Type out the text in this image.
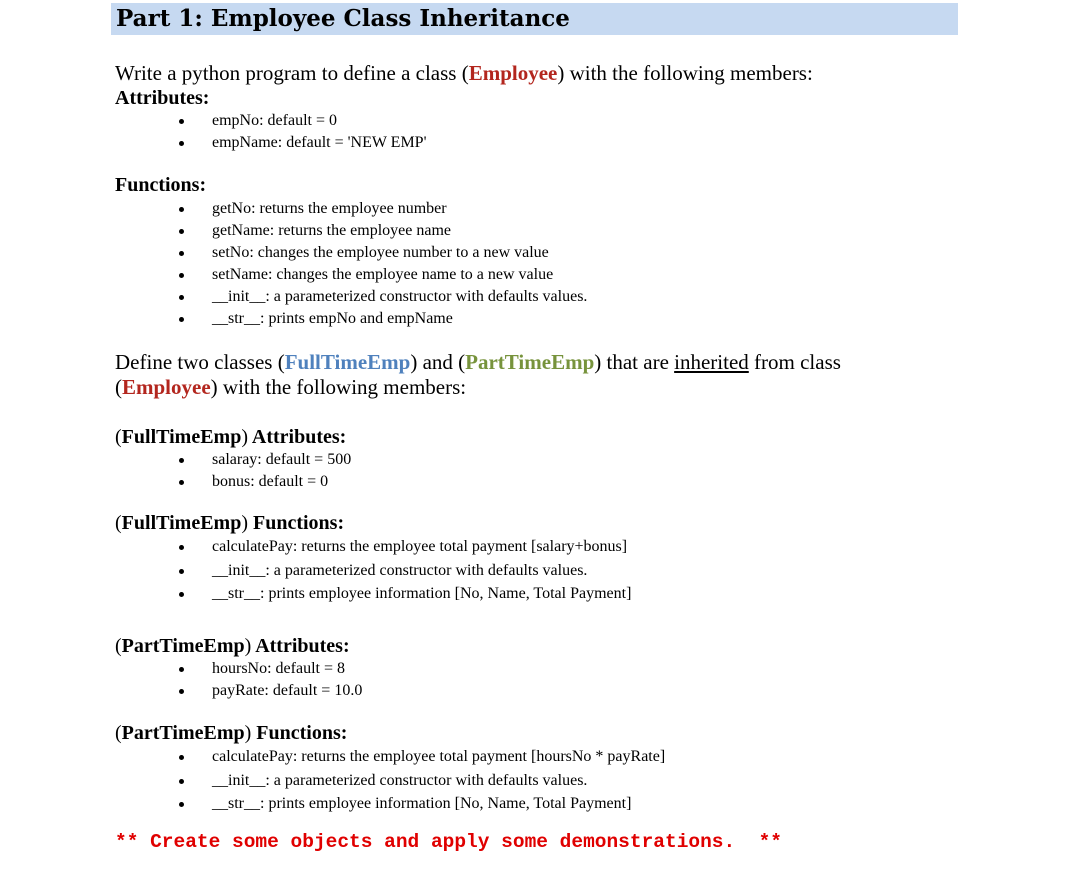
Part 1: Employee Class Inheritance
Write a python program to define a class (Employee) with the following members:
Attributes:
empNo: default = 0
empName: default = 'NEW EMP'
Functions:
getNo: returns the employee number
getName: returns the employee name
setNo: changes the employee number to a new value
setName: changes the employee name to a new value
__init__: a parameterized constructor with defaults values.
__str__: prints empNo and empName
Define two classes (FullTimeEmp) and (PartTimeEmp) that are inherited from class
(Employee) with the following members:
(FullTimeEmp) Attributes:
salaray: default = 500
bonus: default = 0
(FullTimeEmp) Functions:
calculatePay: returns the employee total payment [salary+bonus]
__init__: a parameterized constructor with defaults values.
__str__: prints employee information [No, Name, Total Payment]
(PartTimeEmp) Attributes:
hoursNo: default = 8
payRate: default = 10.0
(PartTimeEmp) Functions:
calculatePay: returns the employee total payment [hoursNo * payRate]
__init__: a parameterized constructor with defaults values.
__str__: prints employee information [No, Name, Total Payment]
** Create some objects and apply some demonstrations.  **
